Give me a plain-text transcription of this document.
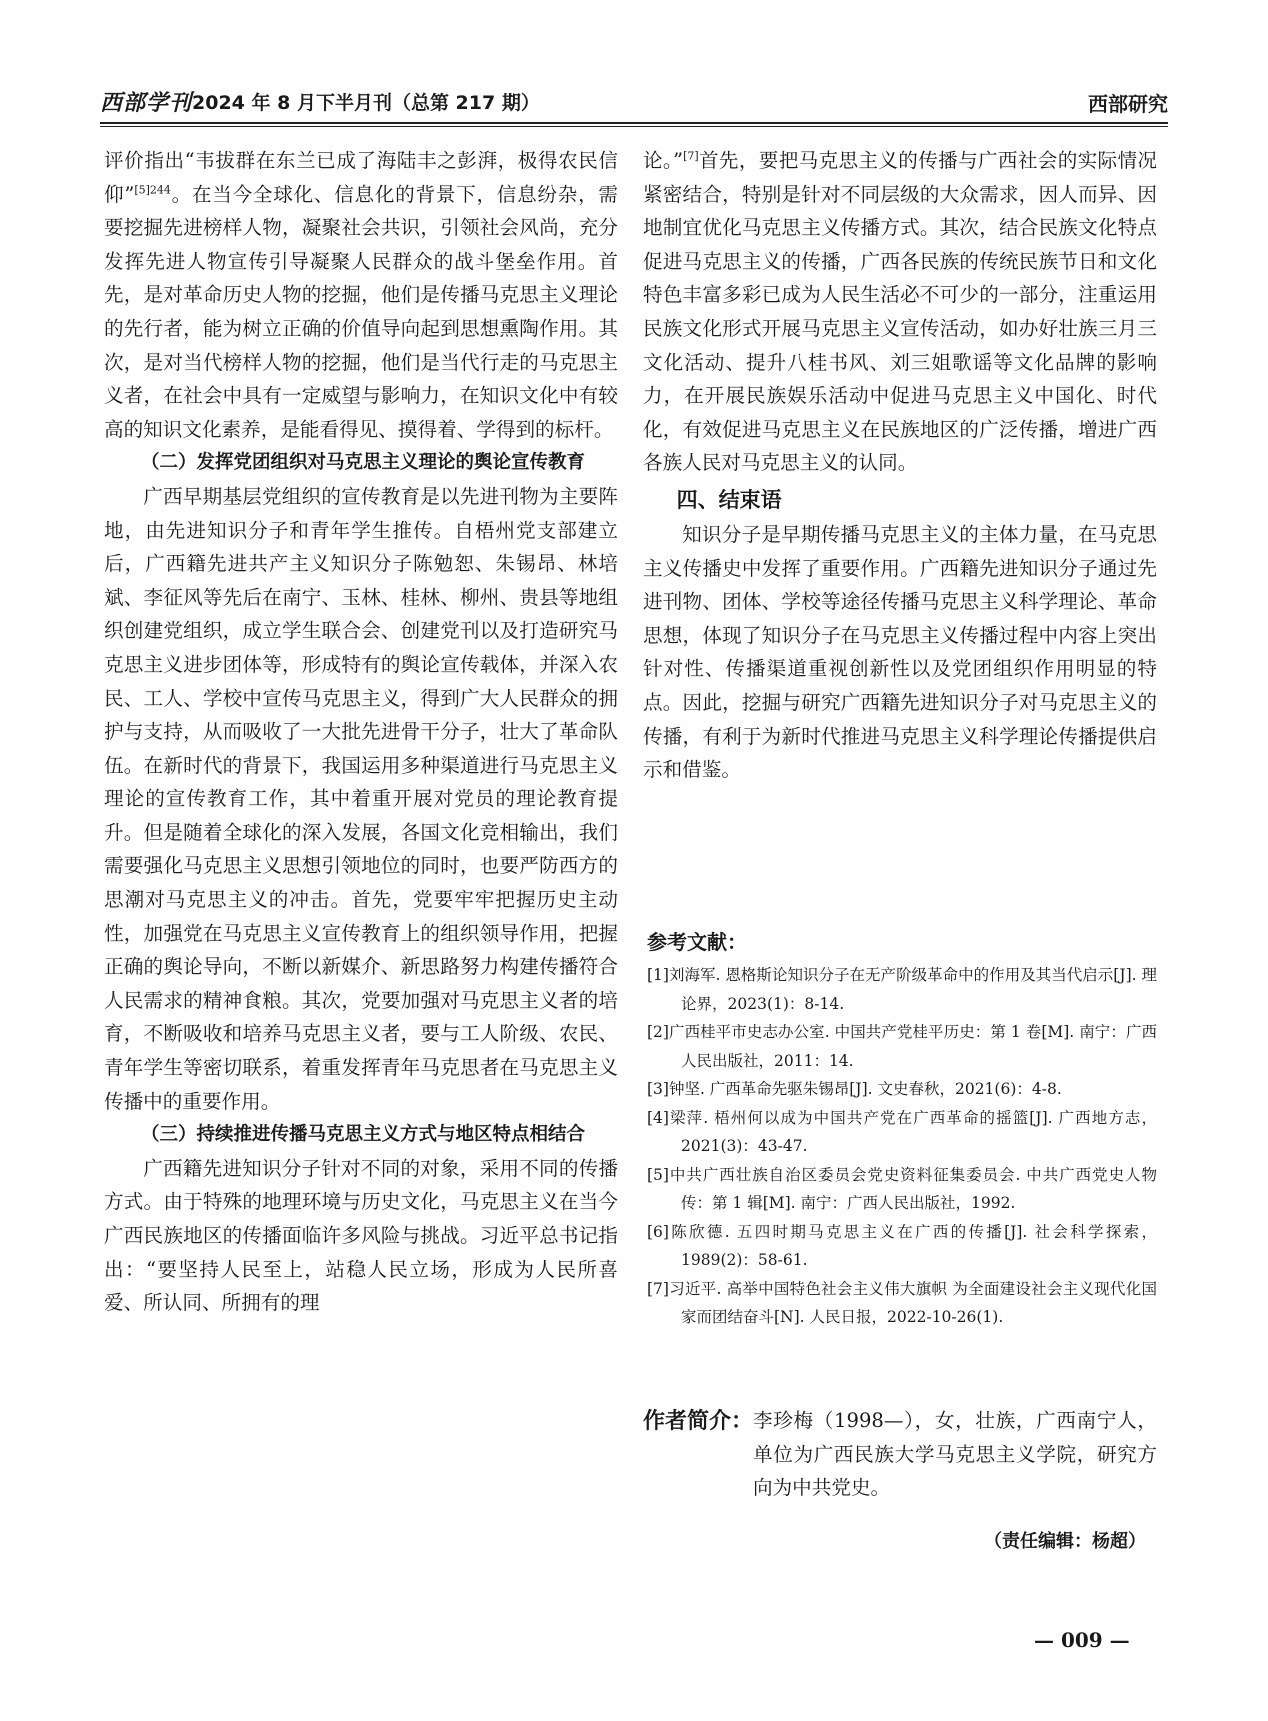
西部学刊 2024 年 8 月下半月刊（总第 217 期）	西部研究

评价指出“韦拔群在东兰已成了海陆丰之彭湃，极得农民信仰”$^{[5]244}$。在当今全球化、信息化的背景下，信息纷杂，需要挖掘先进榜样人物，凝聚社会共识，引领社会风尚，充分发挥先进人物宣传引导凝聚人民群众的战斗堡垒作用。首先，是对革命历史人物的挖掘，他们是传播马克思主义理论的先行者，能为树立正确的价值导向起到思想熏陶作用。其次，是对当代榜样人物的挖掘，他们是当代行走的马克思主义者，在社会中具有一定威望与影响力，在知识文化中有较高的知识文化素养，是能看得见、摸得着、学得到的标杆。

（二）发挥党团组织对马克思主义理论的舆论宣传教育

广西早期基层党组织的宣传教育是以先进刊物为主要阵地，由先进知识分子和青年学生推传。自梧州党支部建立后，广西籍先进共产主义知识分子陈勉恕、朱锡昂、林培斌、李征风等先后在南宁、玉林、桂林、柳州、贵县等地组织创建党组织，成立学生联合会、创建党刊以及打造研究马克思主义进步团体等，形成特有的舆论宣传载体，并深入农民、工人、学校中宣传马克思主义，得到广大人民群众的拥护与支持，从而吸收了一大批先进骨干分子，壮大了革命队伍。在新时代的背景下，我国运用多种渠道进行马克思主义理论的宣传教育工作，其中着重开展对党员的理论教育提升。但是随着全球化的深入发展，各国文化竞相输出，我们需要强化马克思主义思想引领地位的同时，也要严防西方的思潮对马克思主义的冲击。首先，党要牢牢把握历史主动性，加强党在马克思主义宣传教育上的组织领导作用，把握正确的舆论导向，不断以新媒介、新思路努力构建传播符合人民需求的精神食粮。其次，党要加强对马克思主义者的培育，不断吸收和培养马克思主义者，要与工人阶级、农民、青年学生等密切联系，着重发挥青年马克思者在马克思主义传播中的重要作用。

（三）持续推进传播马克思主义方式与地区特点相结合

广西籍先进知识分子针对不同的对象，采用不同的传播方式。由于特殊的地理环境与历史文化，马克思主义在当今广西民族地区的传播面临许多风险与挑战。习近平总书记指出：“要坚持人民至上，站稳人民立场，形成为人民所喜爱、所认同、所拥有的理

论。”[7]首先，要把马克思主义的传播与广西社会的实际情况紧密结合，特别是针对不同层级的大众需求，因人而异、因地制宜优化马克思主义传播方式。其次，结合民族文化特点促进马克思主义的传播，广西各民族的传统民族节日和文化特色丰富多彩已成为人民生活必不可少的一部分，注重运用民族文化形式开展马克思主义宣传活动，如办好壮族三月三文化活动、提升八桂书风、刘三姐歌谣等文化品牌的影响力，在开展民族娱乐活动中促进马克思主义中国化、时代化，有效促进马克思主义在民族地区的广泛传播，增进广西各族人民对马克思主义的认同。

四、结束语

知识分子是早期传播马克思主义的主体力量，在马克思主义传播史中发挥了重要作用。广西籍先进知识分子通过先进刊物、团体、学校等途径传播马克思主义科学理论、革命思想，体现了知识分子在马克思主义传播过程中内容上突出针对性、传播渠道重视创新性以及党团组织作用明显的特点。因此，挖掘与研究广西籍先进知识分子对马克思主义的传播，有利于为新时代推进马克思主义科学理论传播提供启示和借鉴。

参考文献：
[1]刘海军. 恩格斯论知识分子在无产阶级革命中的作用及其当代启示[J]. 理论界，2023(1)：8-14.
[2]广西桂平市史志办公室. 中国共产党桂平历史：第 1 卷[M]. 南宁：广西人民出版社，2011：14.
[3]钟坚. 广西革命先驱朱锡昂[J]. 文史春秋，2021(6)：4-8.
[4]梁萍. 梧州何以成为中国共产党在广西革命的摇篮[J]. 广西地方志，2021(3)：43-47.
[5]中共广西壮族自治区委员会党史资料征集委员会. 中共广西党史人物传：第 1 辑[M]. 南宁：广西人民出版社，1992.
[6]陈欣德. 五四时期马克思主义在广西的传播[J]. 社会科学探索，1989(2)：58-61.
[7]习近平. 高举中国特色社会主义伟大旗帜 为全面建设社会主义现代化国家而团结奋斗[N]. 人民日报，2022-10-26(1).
作者简介： 李珍梅（1998—），女，壮族，广西南宁人，单位为广西民族大学马克思主义学院，研究方向为中共党史。
（责任编辑：杨超）
— 009 —
